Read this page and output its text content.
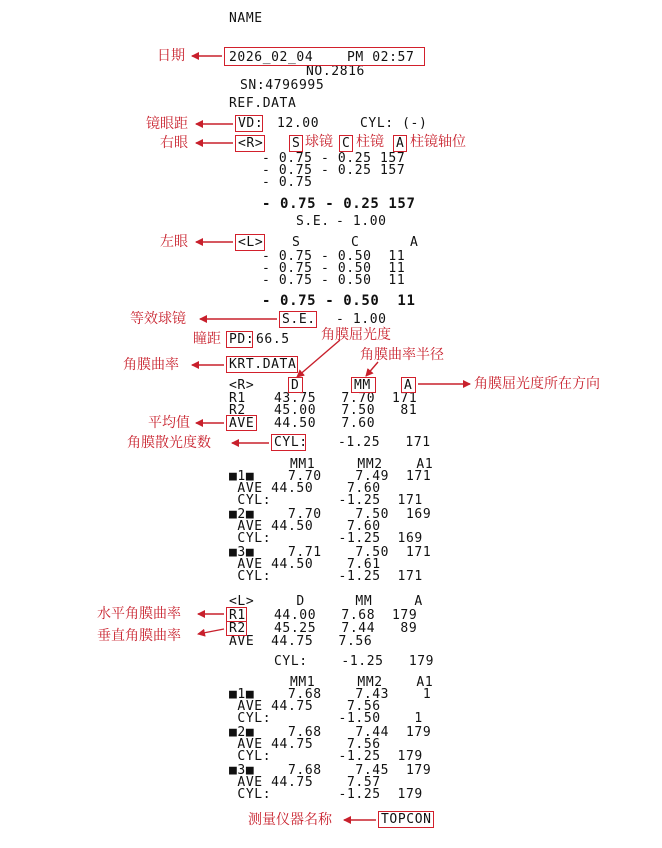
NAME
2026_02_04    PM 02:57
NO.2816
SN:4796995
REF.DATA
VD: 12.00	CYL: (-)
<R> S	C	A
- 0.75 - 0.25 157
- 0.75 - 0.25 157
- 0.75
- 0.75 - 0.25 157
S.E. - 1.00
<L> S      C      A
- 0.75 - 0.50  11
- 0.75 - 0.50  11
- 0.75 - 0.50  11
- 0.75 - 0.50  11
S.E. - 1.00
PD: 66.5
KRT.DATA
<R>	D	MM	A
R1 43.75   7.70  171
R2 45.00   7.50   81
AVE 44.50   7.60
CYL: -1.25   171
MM1     MM2    A1
■1■    7.70    7.49  171
AVE 44.50    7.60
CYL:        -1.25  171
■2■    7.70    7.50  169
AVE 44.50    7.60
CYL:        -1.25  169
■3■    7.71    7.50  171
AVE 44.50    7.61
CYL:        -1.25  171
<L>     D      MM     A
R1 44.00   7.68  179
R2 45.25   7.44   89
AVE  44.75   7.56
CYL:    -1.25   179
MM1     MM2    A1
■1■    7.68    7.43    1
AVE 44.75    7.56
CYL:        -1.50    1
■2■    7.68    7.44  179
AVE 44.75    7.56
CYL:        -1.25  179
■3■    7.68    7.45  179
AVE 44.75    7.57
CYL:        -1.25  179
TOPCON
日期
镜眼距
右眼	球镜 柱镜 柱镜轴位
左眼
等效球镜
瞳距	角膜屈光度
角膜曲率
角膜曲率半径
角膜屈光度所在方向
平均值
角膜散光度数
水平角膜曲率
垂直角膜曲率
测量仪器名称
